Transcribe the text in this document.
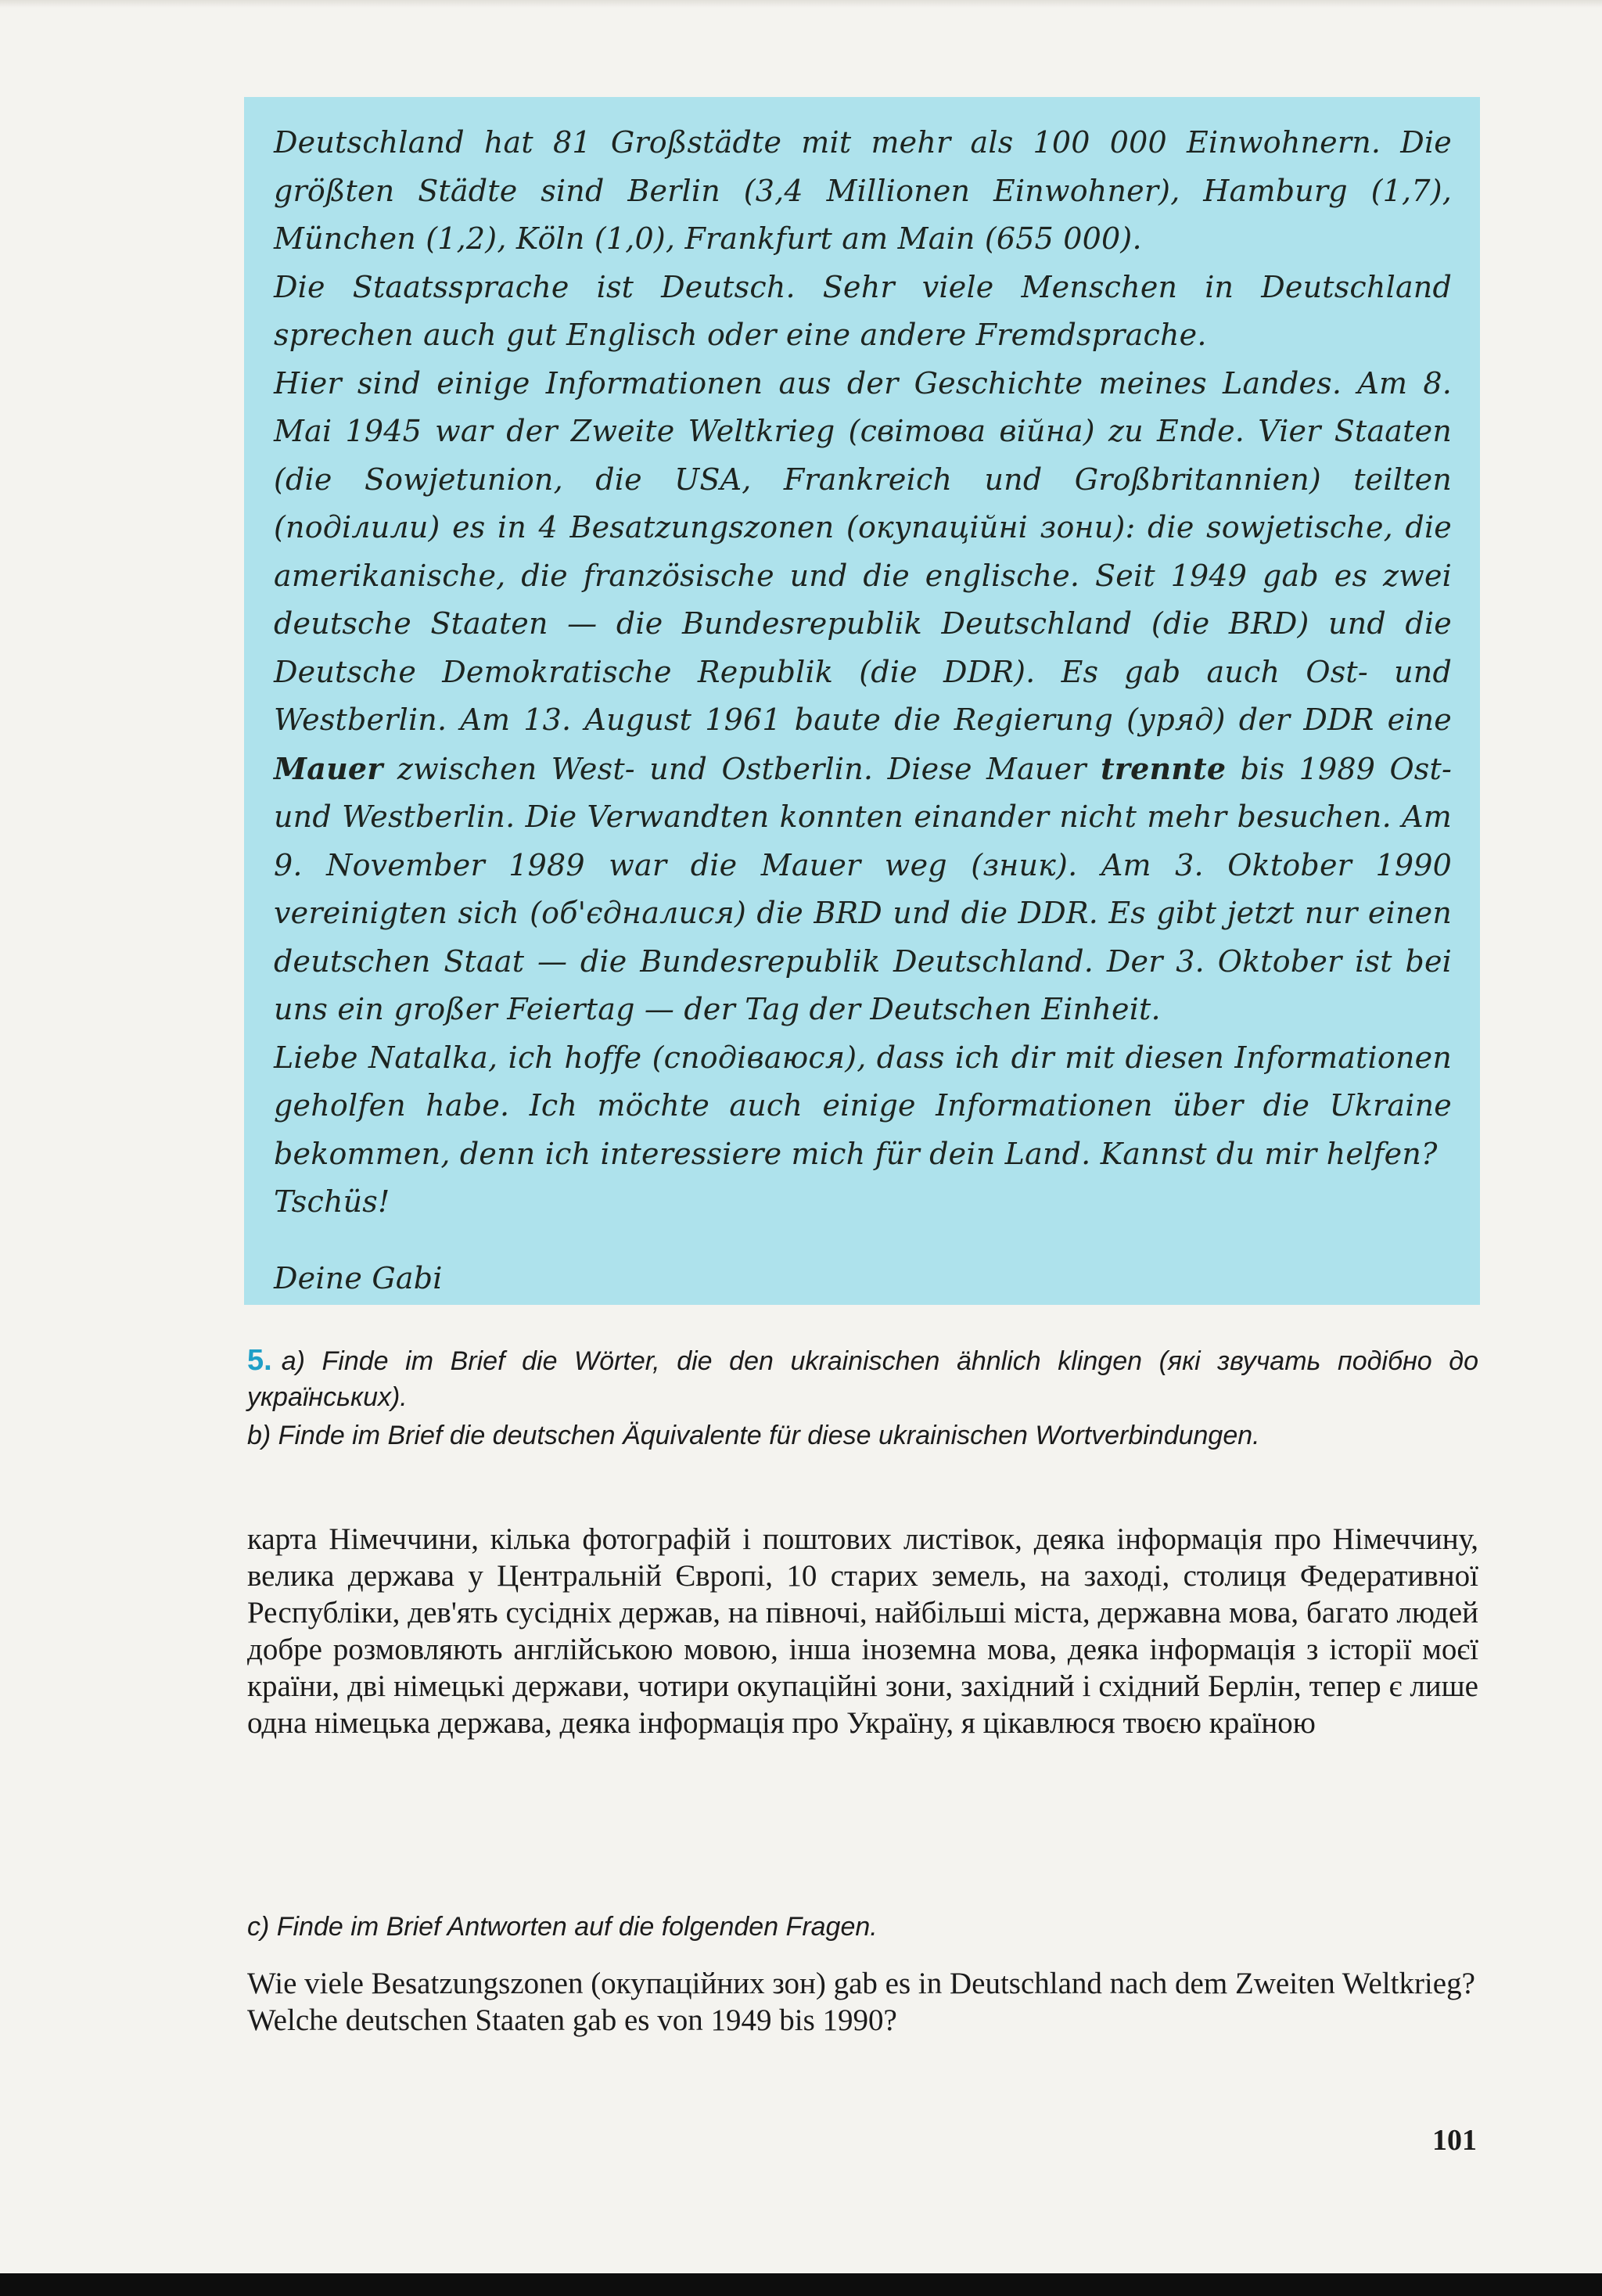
Deutschland hat 81 Großstädte mit mehr als 100 000 Einwohnern. Die größten Städte sind Berlin (3,4 Millionen Einwohner), Hamburg (1,7), München (1,2), Köln (1,0), Frankfurt am Main (655 000).

Die Staatssprache ist Deutsch. Sehr viele Menschen in Deutschland sprechen auch gut Englisch oder eine andere Fremdsprache.

Hier sind einige Informationen aus der Geschichte meines Landes. Am 8. Mai 1945 war der Zweite Weltkrieg (світова війна) zu Ende. Vier Staaten (die Sowjetunion, die USA, Frankreich und Großbritannien) teilten (поділили) es in 4 Besatzungszonen (окупаційні зони): die sowjetische, die amerikanische, die französische und die englische. Seit 1949 gab es zwei deutsche Staaten — die Bundesrepublik Deutschland (die BRD) und die Deutsche Demokratische Republik (die DDR). Es gab auch Ost- und Westberlin. Am 13. August 1961 baute die Regierung (уряд) der DDR eine Mauer zwischen West- und Ostberlin. Diese Mauer trennte bis 1989 Ost- und Westberlin. Die Verwandten konnten einander nicht mehr besuchen. Am 9. November 1989 war die Mauer weg (зник). Am 3. Oktober 1990 vereinigten sich (об'єдналися) die BRD und die DDR. Es gibt jetzt nur einen deutschen Staat — die Bundesrepublik Deutschland. Der 3. Oktober ist bei uns ein großer Feiertag — der Tag der Deutschen Einheit.

Liebe Natalka, ich hoffe (сподіваюся), dass ich dir mit diesen Informationen geholfen habe. Ich möchte auch einige Informationen über die Ukraine bekommen, denn ich interessiere mich für dein Land. Kannst du mir helfen?

Tschüs!

Deine Gabi

5. a) Finde im Brief die Wörter, die den ukrainischen ähnlich klingen (які звучать подібно до українських).
b) Finde im Brief die deutschen Äquivalente für diese ukrainischen Wortverbindungen.
карта Німеччини, кілька фотографій і поштових листівок, деяка інформація про Німеччину, велика держава у Центральній Європі, 10 старих земель, на заході, столиця Федеративної Республіки, дев'ять сусідніх держав, на півночі, найбільші міста, державна мова, багато людей добре розмовляють англійською мовою, інша іноземна мова, деяка інформація з історії моєї країни, дві німецькі держави, чотири окупаційні зони, західний і східний Берлін, тепер є лише одна німецька держава, деяка інформація про Україну, я цікавлюся твоєю країною
c) Finde im Brief Antworten auf die folgenden Fragen.
Wie viele Besatzungszonen (окупаційних зон) gab es in Deutschland nach dem Zweiten Weltkrieg?
Welche deutschen Staaten gab es von 1949 bis 1990?
101
